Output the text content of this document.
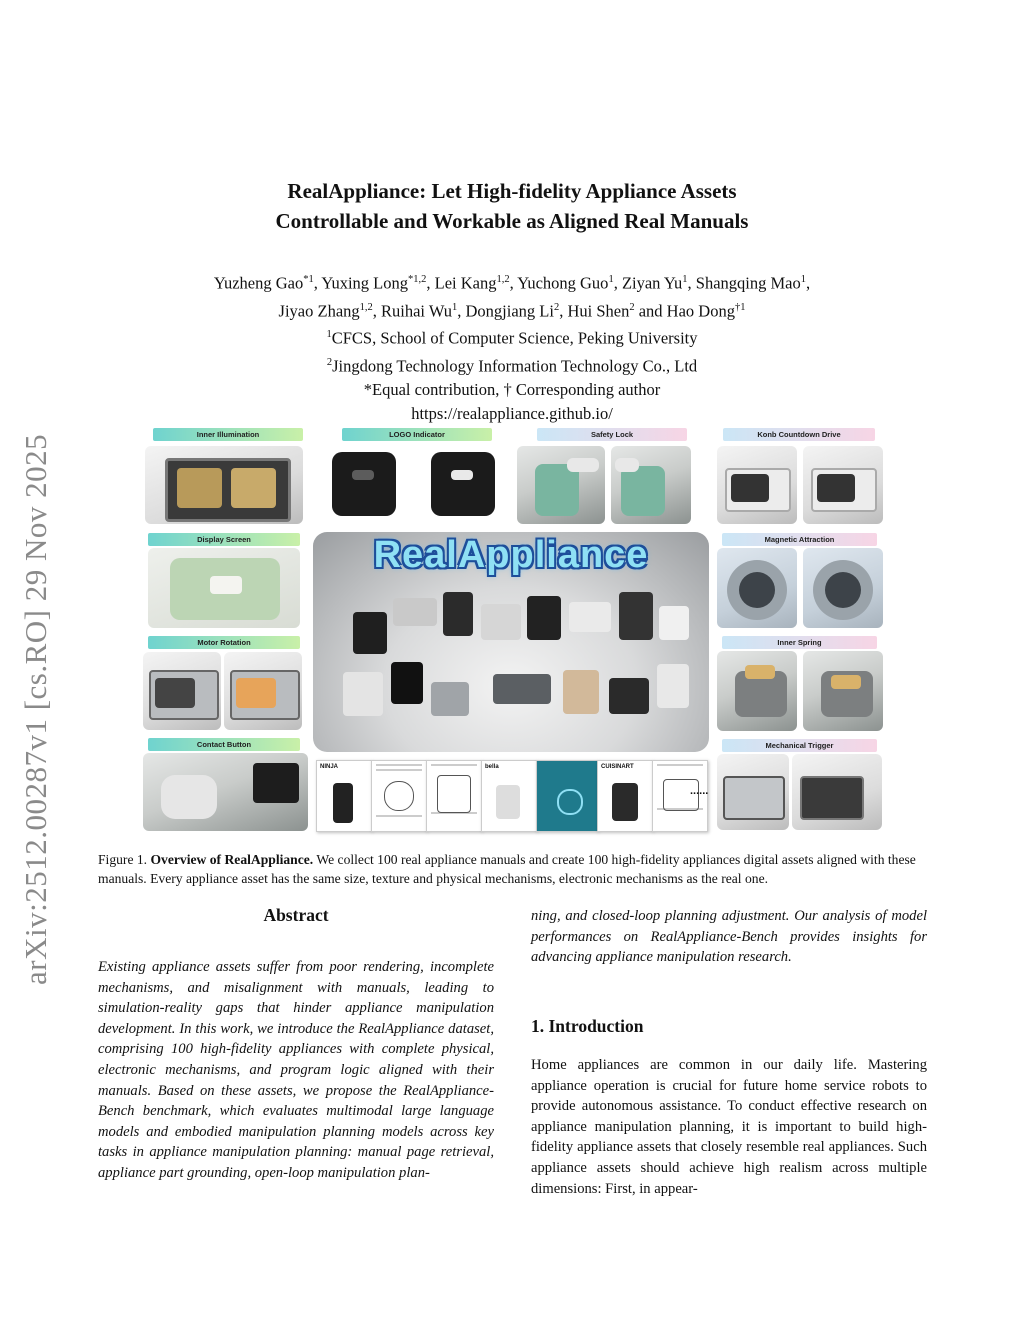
arXiv:2512.00287v1 [cs.RO] 29 Nov 2025
RealAppliance: Let High-fidelity Appliance Assets
Controllable and Workable as Aligned Real Manuals
Yuzheng Gao$^{*1}$, Yuxing Long$^{*1,2}$, Lei Kang$^{1,2}$, Yuchong Guo$^1$, Ziyan Yu$^1$, Shangqing Mao$^1$,
Jiyao Zhang$^{1,2}$, Ruihai Wu$^1$, Dongjiang Li$^2$, Hui Shen$^2$ and Hao Dong$^{\dagger 1}$
$^1$CFCS, School of Computer Science, Peking University
$^2$Jingdong Technology Information Technology Co., Ltd
*Equal contribution, † Corresponding author
https://realappliance.github.io/
Inner Illumination	LOGO Indicator	Safety Lock	Konb Countdown Drive
Display Screen
Motor Rotation
Contact Button
RealAppliance	Magnetic Attraction
Inner Spring
Mechanical Trigger
NINJA	bella	CUISINART
......
Figure 1. Overview of RealAppliance. We collect 100 real appliance manuals and create 100 high-fidelity appliances digital assets aligned with these manuals. Every appliance asset has the same size, texture and physical mechanisms, electronic mechanisms as the real one.
Abstract
Existing appliance assets suffer from poor rendering, incomplete mechanisms, and misalignment with manuals, leading to simulation-reality gaps that hinder appliance manipulation development. In this work, we introduce the RealAppliance dataset, comprising 100 high-fidelity appliances with complete physical, electronic mechanisms, and program logic aligned with their manuals. Based on these assets, we propose the RealAppliance-Bench benchmark, which evaluates multimodal large language models and embodied manipulation planning models across key tasks in appliance manipulation planning: manual page retrieval, appliance part grounding, open-loop manipulation plan-
ning, and closed-loop planning adjustment. Our analysis of model performances on RealAppliance-Bench provides insights for advancing appliance manipulation research.
1. Introduction
Home appliances are common in our daily life. Mastering appliance operation is crucial for future home service robots to provide autonomous assistance. To conduct effective research on appliance manipulation planning, it is important to build high-fidelity appliance assets that closely resemble real appliances. Such appliance assets should achieve high realism across multiple dimensions: First, in appear-
